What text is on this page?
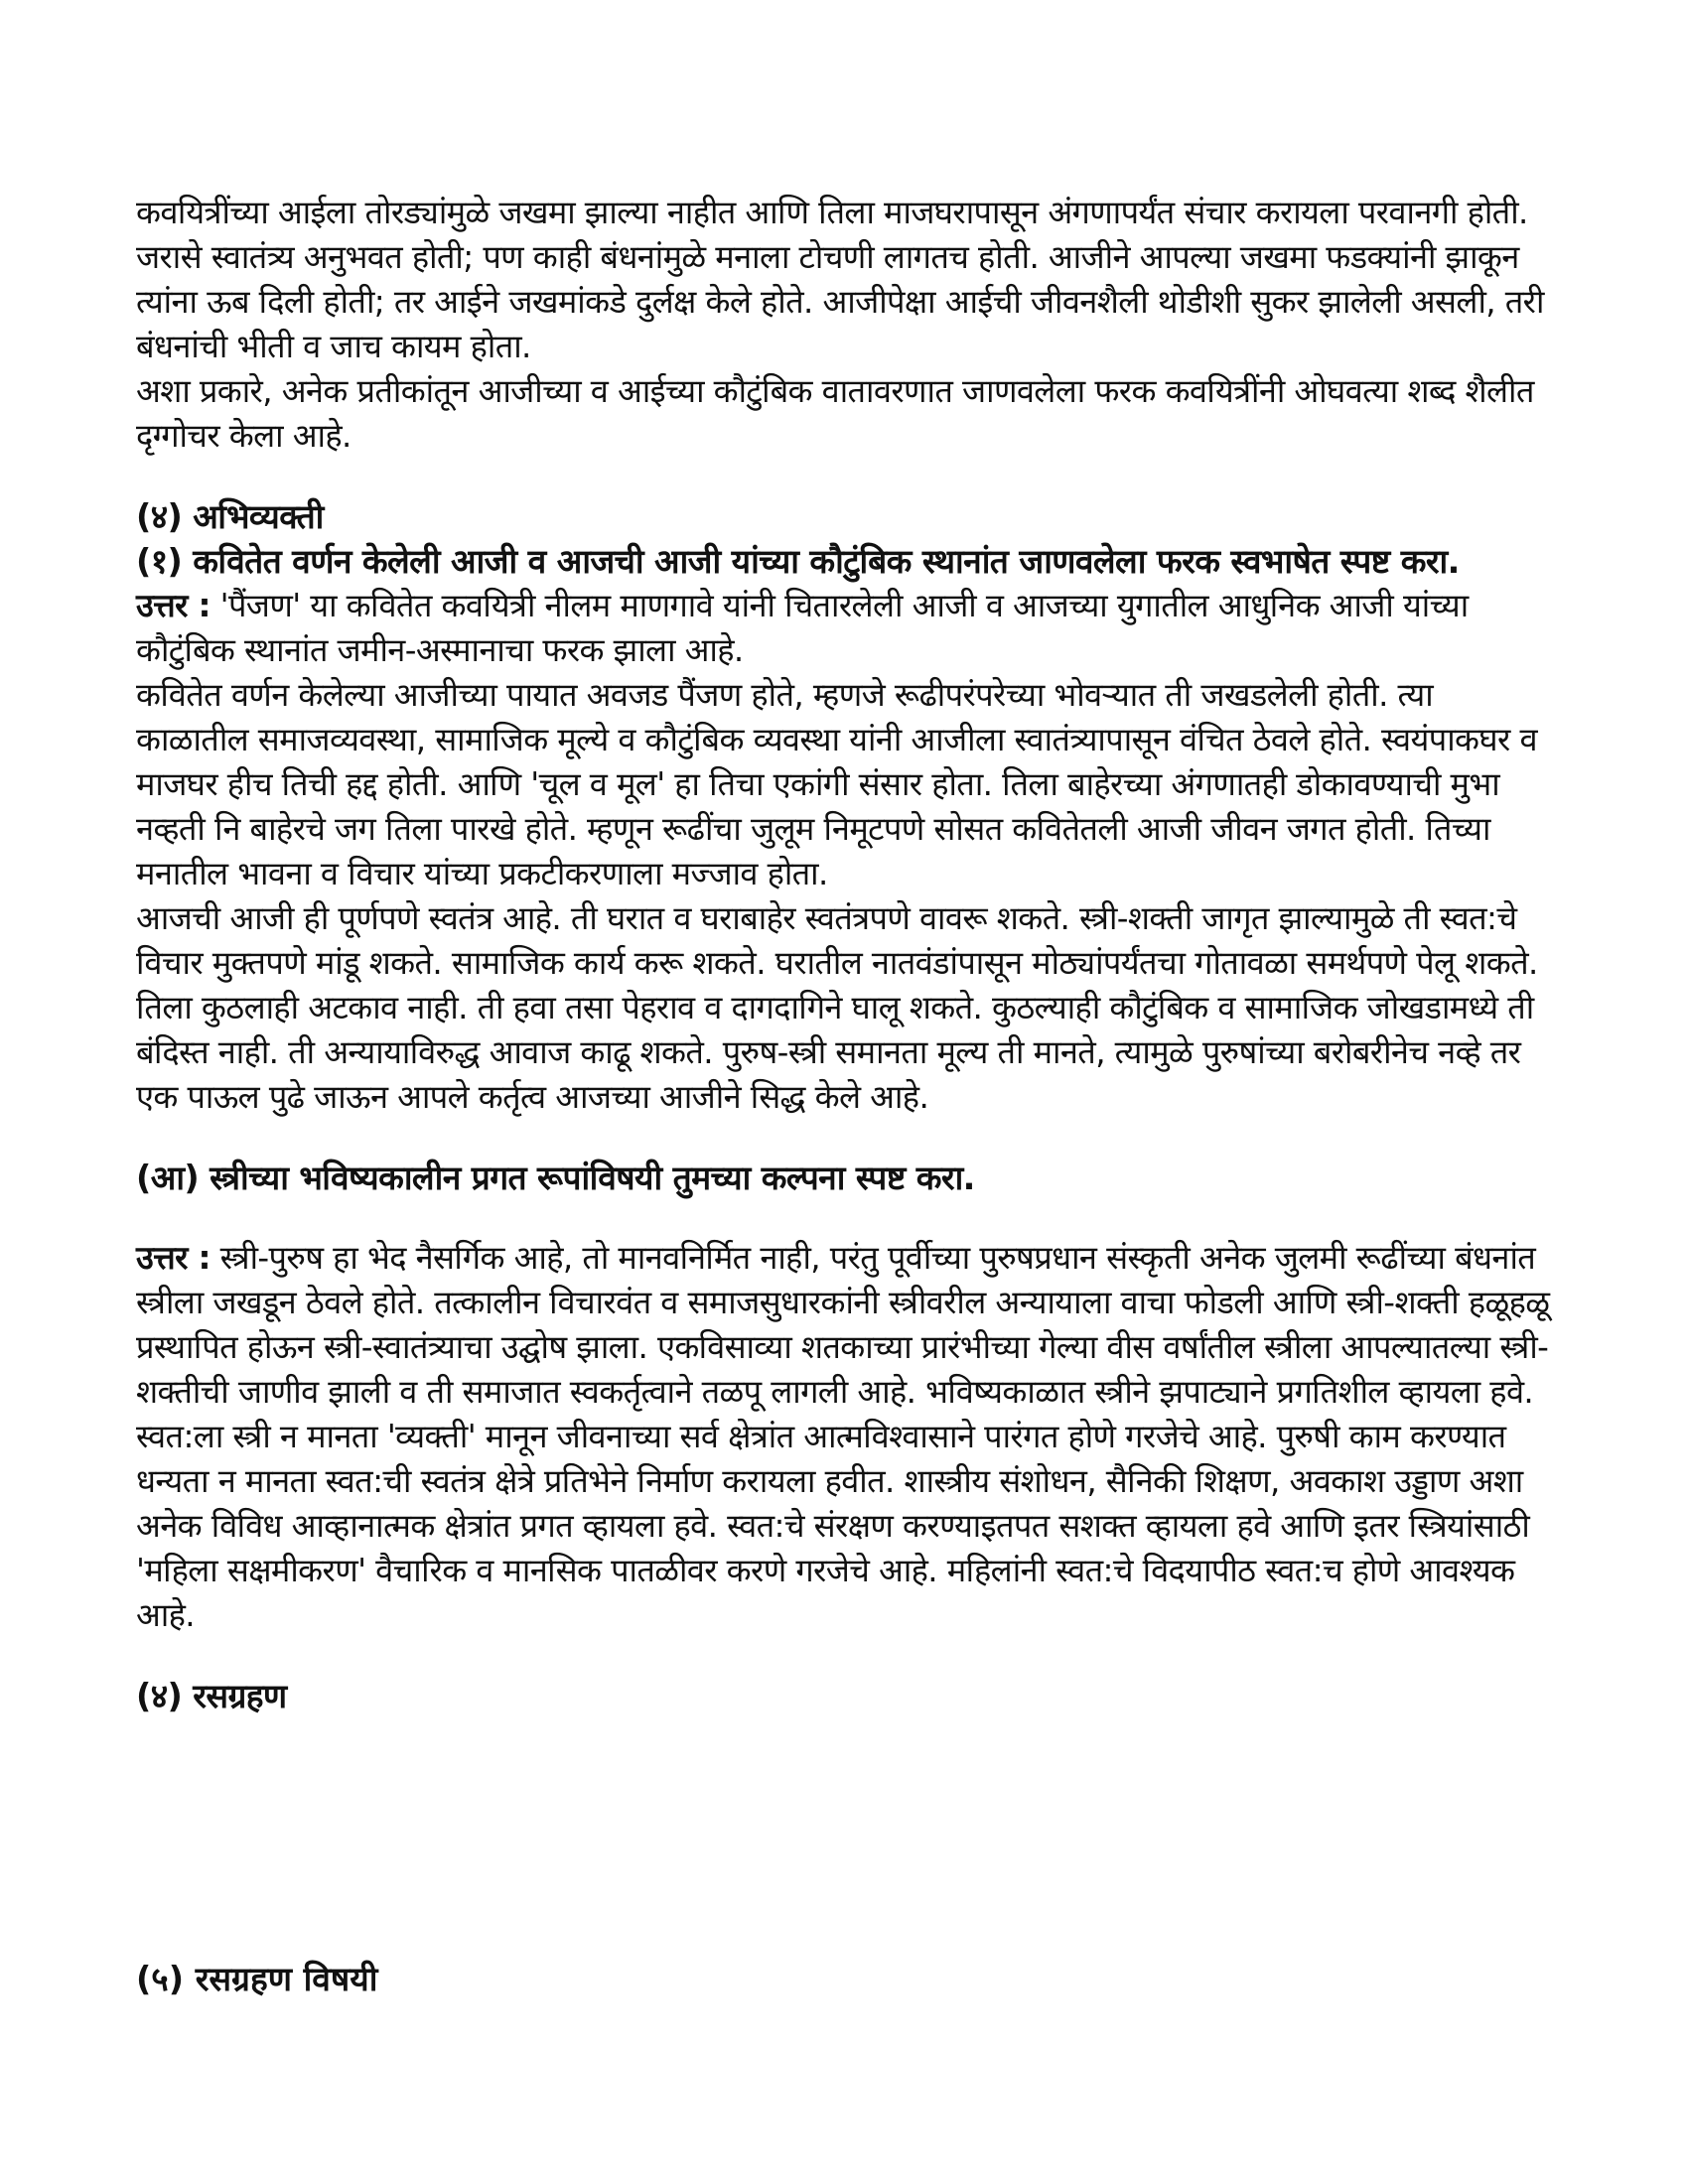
कवयित्रींच्या आईला तोरड्यांमुळे जखमा झाल्या नाहीत आणि तिला माजघरापासून अंगणापर्यंत संचार करायला परवानगी होती. जरासे स्वातंत्र्य अनुभवत होती; पण काही बंधनांमुळे मनाला टोचणी लागतच होती. आजीने आपल्या जखमा फडक्यांनी झाकून त्यांना ऊब दिली होती; तर आईने जखमांकडे दुर्लक्ष केले होते. आजीपेक्षा आईची जीवनशैली थोडीशी सुकर झालेली असली, तरी बंधनांची भीती व जाच कायम होता.

अशा प्रकारे, अनेक प्रतीकांतून आजीच्या व आईच्या कौटुंबिक वातावरणात जाणवलेला फरक कवयित्रींनी ओघवत्या शब्द शैलीत दृग्गोचर केला आहे.

(४) अभिव्यक्ती
(१) कवितेत वर्णन केलेली आजी व आजची आजी यांच्या कौटुंबिक स्थानांत जाणवलेला फरक स्वभाषेत स्पष्ट करा.

उत्तर : 'पैंजण' या कवितेत कवयित्री नीलम माणगावे यांनी चितारलेली आजी व आजच्या युगातील आधुनिक आजी यांच्या कौटुंबिक स्थानांत जमीन-अस्मानाचा फरक झाला आहे.

कवितेत वर्णन केलेल्या आजीच्या पायात अवजड पैंजण होते, म्हणजे रूढीपरंपरेच्या भोवऱ्यात ती जखडलेली होती. त्या काळातील समाजव्यवस्था, सामाजिक मूल्ये व कौटुंबिक व्यवस्था यांनी आजीला स्वातंत्र्यापासून वंचित ठेवले होते. स्वयंपाकघर व माजघर हीच तिची हद्द होती. आणि 'चूल व मूल' हा तिचा एकांगी संसार होता. तिला बाहेरच्या अंगणातही डोकावण्याची मुभा नव्हती नि बाहेरचे जग तिला पारखे होते. म्हणून रूढींचा जुलूम निमूटपणे सोसत कवितेतली आजी जीवन जगत होती. तिच्या मनातील भावना व विचार यांच्या प्रकटीकरणाला मज्जाव होता.

आजची आजी ही पूर्णपणे स्वतंत्र आहे. ती घरात व घराबाहेर स्वतंत्रपणे वावरू शकते. स्त्री-शक्ती जागृत झाल्यामुळे ती स्वत:चे विचार मुक्तपणे मांडू शकते. सामाजिक कार्य करू शकते. घरातील नातवंडांपासून मोठ्यांपर्यंतचा गोतावळा समर्थपणे पेलू शकते. तिला कुठलाही अटकाव नाही. ती हवा तसा पेहराव व दागदागिने घालू शकते. कुठल्याही कौटुंबिक व सामाजिक जोखडामध्ये ती बंदिस्त नाही. ती अन्यायाविरुद्ध आवाज काढू शकते. पुरुष-स्त्री समानता मूल्य ती मानते, त्यामुळे पुरुषांच्या बरोबरीनेच नव्हे तर एक पाऊल पुढे जाऊन आपले कर्तृत्व आजच्या आजीने सिद्ध केले आहे.

(आ) स्त्रीच्या भविष्यकालीन प्रगत रूपांविषयी तुमच्या कल्पना स्पष्ट करा.

उत्तर : स्त्री-पुरुष हा भेद नैसर्गिक आहे, तो मानवनिर्मित नाही, परंतु पूर्वीच्या पुरुषप्रधान संस्कृती अनेक जुलमी रूढींच्या बंधनांत स्त्रीला जखडून ठेवले होते. तत्कालीन विचारवंत व समाजसुधारकांनी स्त्रीवरील अन्यायाला वाचा फोडली आणि स्त्री-शक्ती हळूहळू प्रस्थापित होऊन स्त्री-स्वातंत्र्याचा उद्घोष झाला. एकविसाव्या शतकाच्या प्रारंभीच्या गेल्या वीस वर्षांतील स्त्रीला आपल्यातल्या स्त्री-शक्तीची जाणीव झाली व ती समाजात स्वकर्तृत्वाने तळपू लागली आहे. भविष्यकाळात स्त्रीने झपाट्याने प्रगतिशील व्हायला हवे. स्वत:ला स्त्री न मानता 'व्यक्ती' मानून जीवनाच्या सर्व क्षेत्रांत आत्मविश्वासाने पारंगत होणे गरजेचे आहे. पुरुषी काम करण्यात धन्यता न मानता स्वत:ची स्वतंत्र क्षेत्रे प्रतिभेने निर्माण करायला हवीत. शास्त्रीय संशोधन, सैनिकी शिक्षण, अवकाश उड्डाण अशा अनेक विविध आव्हानात्मक क्षेत्रांत प्रगत व्हायला हवे. स्वत:चे संरक्षण करण्याइतपत सशक्त व्हायला हवे आणि इतर स्त्रियांसाठी 'महिला सक्षमीकरण' वैचारिक व मानसिक पातळीवर करणे गरजेचे आहे. महिलांनी स्वत:चे विदयापीठ स्वत:च होणे आवश्यक आहे.

(४) रसग्रहण
(५) रसग्रहण विषयी
